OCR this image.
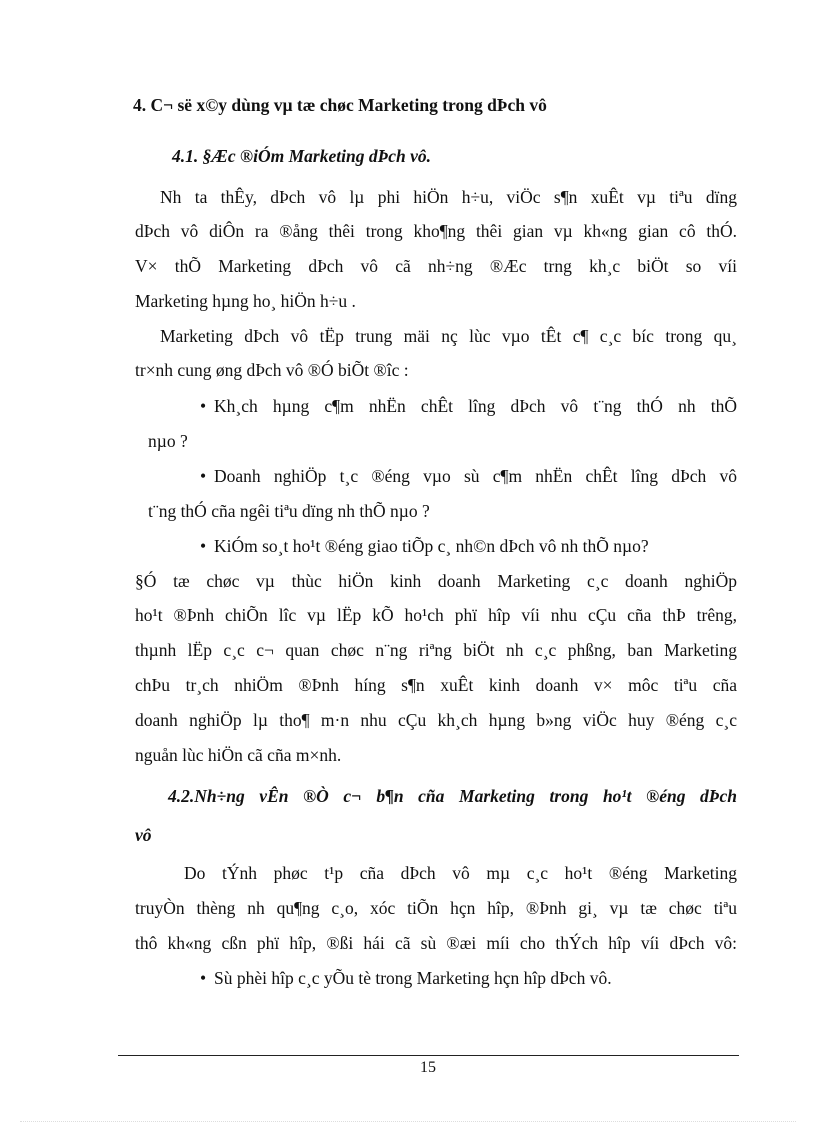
4. C¬ së x©y dùng vµ tæ chøc Marketing trong dÞch vô
4.1. §Æc ®iÓm Marketing dÞch vô.
Nh ta thÊy, dÞch vô lµ phi hiÖn h÷u, viÖc s¶n xuÊt vµ tiªu dïng
dÞch vô diÔn ra ®ång thêi trong kho¶ng thêi gian vµ kh«ng gian cô thÓ.
V× thÕ Marketing dÞch vô cã nh÷ng ®Æc trng kh¸c biÖt so víi
Marketing hµng ho¸ hiÖn h÷u .
Marketing dÞch vô tËp trung mäi nç lùc vµo tÊt c¶ c¸c bíc trong qu¸
tr×nh cung øng dÞch vô ®Ó biÕt ®îc :
• Kh¸ch hµng c¶m nhËn chÊt lîng dÞch vô t¨ng thÓ nh thÕ
nµo ?
• Doanh nghiÖp t¸c ®éng vµo sù c¶m nhËn chÊt lîng dÞch vô
t¨ng thÓ cña ngêi tiªu dïng nh thÕ nµo ?
• KiÓm so¸t ho¹t ®éng giao tiÕp c¸ nh©n dÞch vô nh thÕ nµo?
§Ó tæ chøc vµ thùc hiÖn kinh doanh Marketing c¸c doanh nghiÖp
ho¹t ®Þnh chiÕn lîc vµ lËp kÕ ho¹ch phï hîp víi nhu cÇu cña thÞ trêng,
thµnh lËp c¸c c¬ quan chøc n¨ng riªng biÖt nh c¸c phßng, ban Marketing
chÞu tr¸ch nhiÖm ®Þnh híng s¶n xuÊt kinh doanh v× môc tiªu cña
doanh nghiÖp lµ tho¶ m·n nhu cÇu kh¸ch hµng b»ng viÖc huy ®éng c¸c
nguån lùc hiÖn cã cña m×nh.
4.2.Nh÷ng vÊn ®Ò c¬ b¶n cña Marketing trong ho¹t ®éng dÞch
vô
Do tÝnh phøc t¹p cña dÞch vô mµ c¸c ho¹t ®éng Marketing
truyÒn thèng nh qu¶ng c¸o, xóc tiÕn hçn hîp, ®Þnh gi¸ vµ tæ chøc tiªu
thô kh«ng cßn phï hîp, ®ßi hái cã sù ®æi míi cho thÝch hîp víi dÞch vô:
• Sù phèi hîp c¸c yÕu tè trong Marketing hçn hîp dÞch vô.
15
